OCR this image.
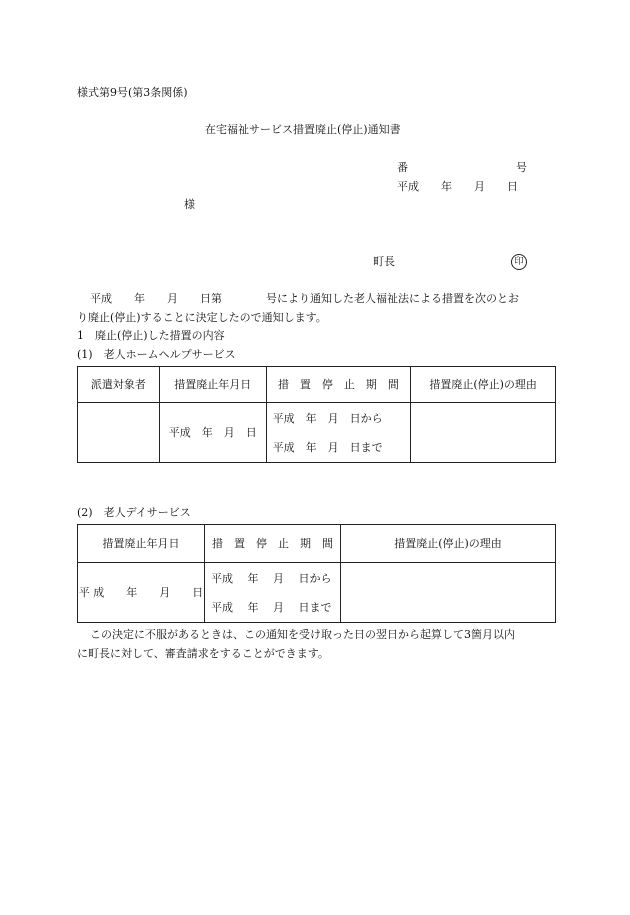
様式第9号(第3条関係)
在宅福祉サービス措置廃止(停止)通知書
番	号
平成　　年　　月　　日
様
町長	印
平成　　年　　月　　日第　　　　号により通知した老人福祉法による措置を次のとお
り廃止(停止)することに決定したので通知します。
1　廃止(停止)した措置の内容
(1)　老人ホームヘルプサービス
派遣対象者	措置廃止年月日	措　置　停　止　期　間	措置廃止(停止)の理由
	平成　年　月　日	平成　年　月　日から
平成　年　月　日まで	

(2)　老人デイサービス
措置廃止年月日	措　置　停　止　期　間	措置廃止(停止)の理由
平 成　　年　　月　　日	平成　 年　 月　 日から
平成　 年　 月　 日まで	

この決定に不服があるときは、この通知を受け取った日の翌日から起算して3箇月以内
に町長に対して、審査請求をすることができます。
